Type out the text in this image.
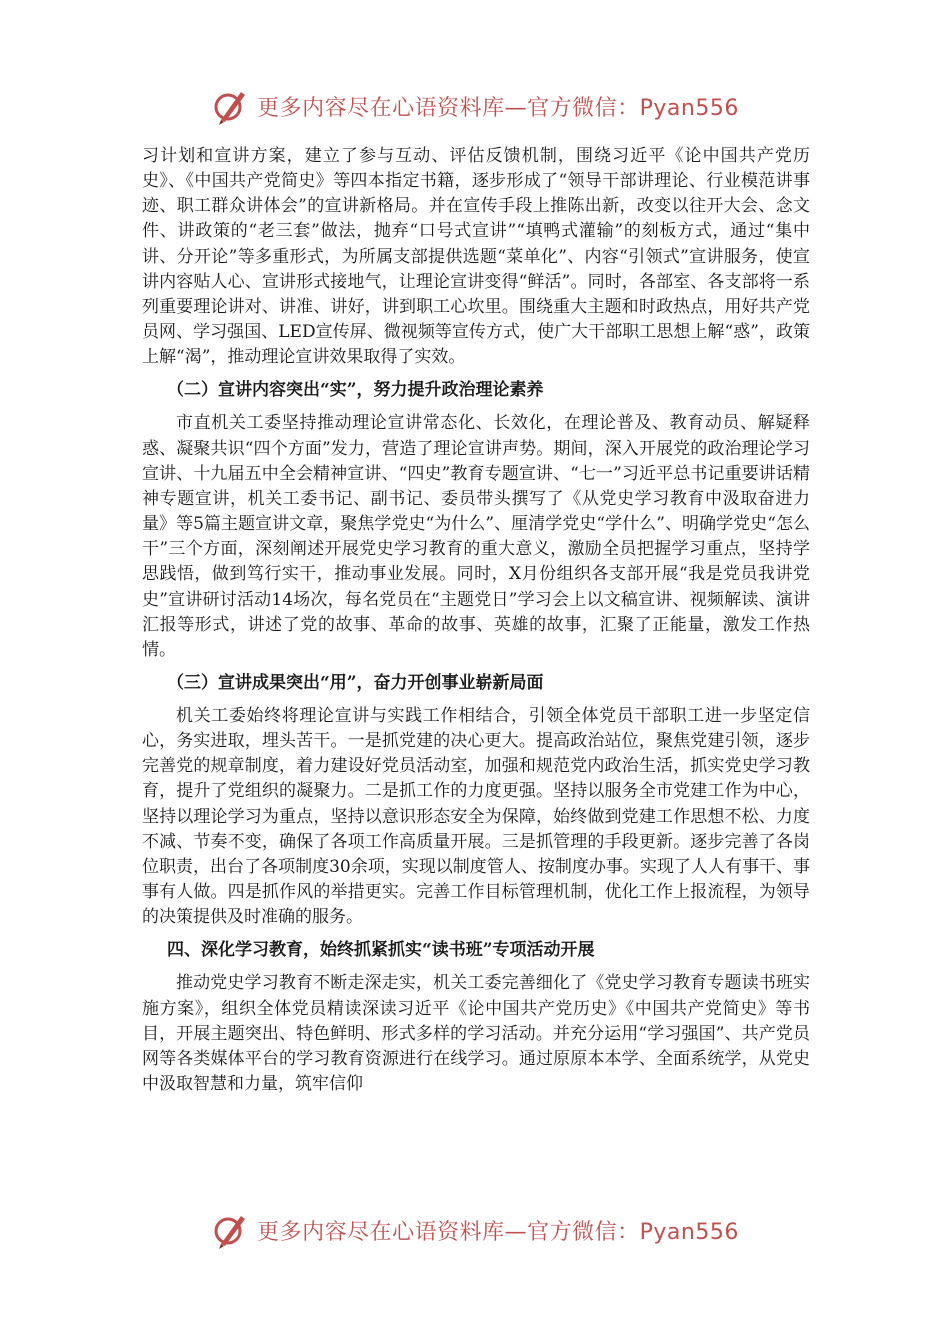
更多内容尽在心语资料库—官方微信：Pyan556

习计划和宣讲方案，建立了参与互动、评估反馈机制，围绕习近平《论中国共产党历史》、《中国共产党简史》等四本指定书籍，逐步形成了“领导干部讲理论、行业模范讲事迹、职工群众讲体会”的宣讲新格局。并在宣传手段上推陈出新，改变以往开大会、念文件、讲政策的“老三套”做法，抛弃“口号式宣讲”“填鸭式灌输”的刻板方式，通过“集中讲、分开论”等多重形式，为所属支部提供选题“菜单化”、内容“引领式”宣讲服务，使宣讲内容贴人心、宣讲形式接地气，让理论宣讲变得“鲜活”。同时，各部室、各支部将一系列重要理论讲对、讲准、讲好，讲到职工心坎里。围绕重大主题和时政热点，用好共产党员网、学习强国、LED宣传屏、微视频等宣传方式，使广大干部职工思想上解“惑”，政策上解“渴”，推动理论宣讲效果取得了实效。

（二）宣讲内容突出“实”，努力提升政治理论素养

市直机关工委坚持推动理论宣讲常态化、长效化，在理论普及、教育动员、解疑释惑、凝聚共识“四个方面”发力，营造了理论宣讲声势。期间，深入开展党的政治理论学习宣讲、十九届五中全会精神宣讲、“四史”教育专题宣讲、“七一”习近平总书记重要讲话精神专题宣讲，机关工委书记、副书记、委员带头撰写了《从党史学习教育中汲取奋进力量》等5篇主题宣讲文章，聚焦学党史“为什么”、厘清学党史“学什么”、明确学党史“怎么干”三个方面，深刻阐述开展党史学习教育的重大意义，激励全员把握学习重点，坚持学思践悟，做到笃行实干，推动事业发展。同时，X月份组织各支部开展“我是党员我讲党史”宣讲研讨活动14场次，每名党员在“主题党日”学习会上以文稿宣讲、视频解读、演讲汇报等形式，讲述了党的故事、革命的故事、英雄的故事，汇聚了正能量，激发工作热情。

（三）宣讲成果突出“用”，奋力开创事业崭新局面

机关工委始终将理论宣讲与实践工作相结合，引领全体党员干部职工进一步坚定信心，务实进取，埋头苦干。一是抓党建的决心更大。提高政治站位，聚焦党建引领，逐步完善党的规章制度，着力建设好党员活动室，加强和规范党内政治生活，抓实党史学习教育，提升了党组织的凝聚力。二是抓工作的力度更强。坚持以服务全市党建工作为中心，坚持以理论学习为重点，坚持以意识形态安全为保障，始终做到党建工作思想不松、力度不减、节奏不变，确保了各项工作高质量开展。三是抓管理的手段更新。逐步完善了各岗位职责，出台了各项制度30余项，实现以制度管人、按制度办事。实现了人人有事干、事事有人做。四是抓作风的举措更实。完善工作目标管理机制，优化工作上报流程，为领导的决策提供及时准确的服务。

四、深化学习教育，始终抓紧抓实“读书班”专项活动开展

推动党史学习教育不断走深走实，机关工委完善细化了《党史学习教育专题读书班实施方案》，组织全体党员精读深读习近平《论中国共产党历史》《中国共产党简史》等书目，开展主题突出、特色鲜明、形式多样的学习活动。并充分运用“学习强国”、共产党员网等各类媒体平台的学习教育资源进行在线学习。通过原原本本学、全面系统学，从党史中汲取智慧和力量，筑牢信仰

更多内容尽在心语资料库—官方微信：Pyan556
